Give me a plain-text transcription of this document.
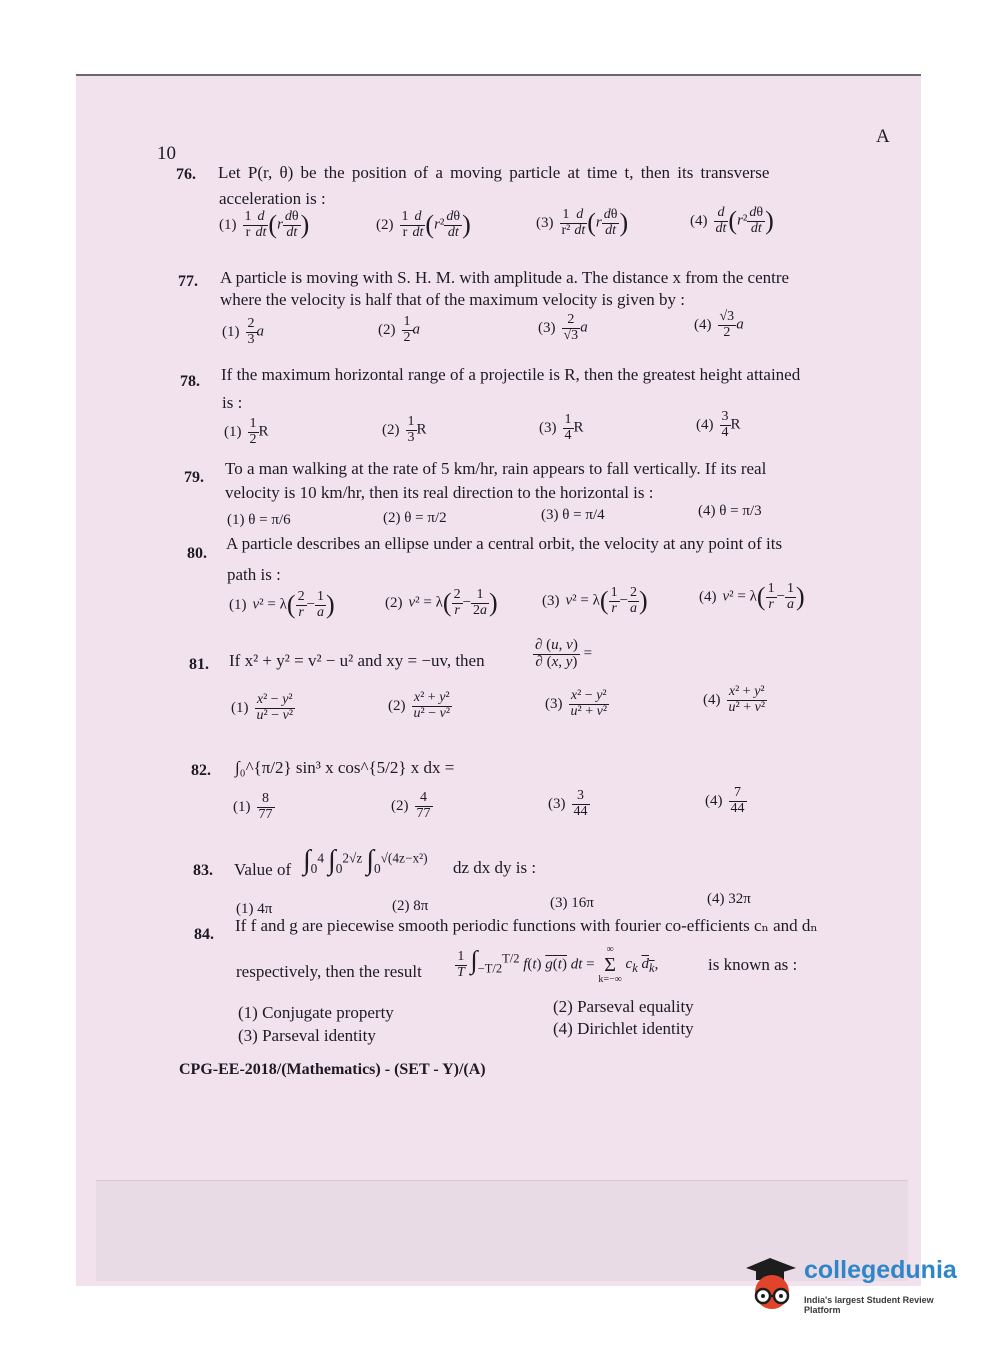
10
A
76. Let P(r, θ) be the position of a moving particle at time t, then its transverse
acceleration is :
$(1) \frac{1}{r} \frac{d}{dt} (r \frac{d\theta}{dt}$ )	$(2) \frac{1}{r} \frac{d}{dt} (r^2 \frac{d\theta}{dt}$ )	$(3) \frac{1}{\text{r²}} \frac{d}{dt} (r \frac{d\theta}{dt}$ )	$(4) \frac{d}{dt} (r^2 \frac{d\theta}{dt}$ )
77. A particle is moving with S. H. M. with amplitude a. The distance x from the centre
where the velocity is half that of the maximum velocity is given by :
$(1) \frac{2}{3}$ a	$(2) \frac{1}{2}$ a	$(3) \frac{2}{√3}$ a	$(4) \frac{√3}{2}$ a
78. If the maximum horizontal range of a projectile is R, then the greatest height attained
is :
$(1) \frac{1}{2}$ R	$(2) \frac{1}{3}$ R	$(3) \frac{1}{4}$ R	$(4) \frac{3}{4}$ R
79. To a man walking at the rate of 5 km/hr, rain appears to fall vertically. If its real
velocity is 10 km/hr, then its real direction to the horizontal is :
(1) θ = π/6	(2) θ = π/2	(3) θ = π/4	(4) θ = π/3
80.
A particle describes an ellipse under a central orbit, the velocity at any point of its
path is :
(1) $v^2 = \lambda( \frac{2}{r} - \frac{1}{a}$ )	(2) $v^2 = \lambda( \frac{2}{r} - \frac{1}{2a}$ )	(3) $v^2 = \lambda( \frac{1}{r} - \frac{2}{a}$ )	(4) $v^2 = \lambda( \frac{1}{r} - \frac{1}{a}$ )
81. If x² + y² = v² − u² and xy = −uv, then	$\frac{\partial (u, v)}{\partial (x, y)}$ =
$(1) \frac{\text{x² − y²}}{\text{u² − v²}}$	$(2) \frac{\text{x² + y²}}{\text{u² − v²}}$	$(3) \frac{\text{x² − y²}}{\text{u² + v²}}$	$(4) \frac{\text{x² + y²}}{\text{u² + v²}}$
82. ∫₀^{π/2} sin³ x cos^{5/2} x dx =
$(1) \frac{8}{77}$	$(2) \frac{4}{77}$	$(3) \frac{3}{44}$	$(4) \frac{7}{44}$
83. Value of $\int_0^4$ $\int_0^{2√z}$ $\int_0^{√(4z-x^2)}$ dz dx dy is :
(1) 4π	(2) 8π	(3) 16π	(4) 32π
84. If f and g are piecewise smooth periodic functions with fourier co-efficients cₙ and dₙ
respectively, then the result $\frac{1}{T} \int_{-T/2}^{T/2}$ f(t) g(t) dt =
∞
Σ
k=−∞
$c_k$ $d_k$,	is known as :
(1) Conjugate property	(2) Parseval equality
(3) Parseval identity	(4) Dirichlet identity
CPG-EE-2018/(Mathematics) - (SET - Y)/(A)
collegedunia
India's largest Student Review Platform
